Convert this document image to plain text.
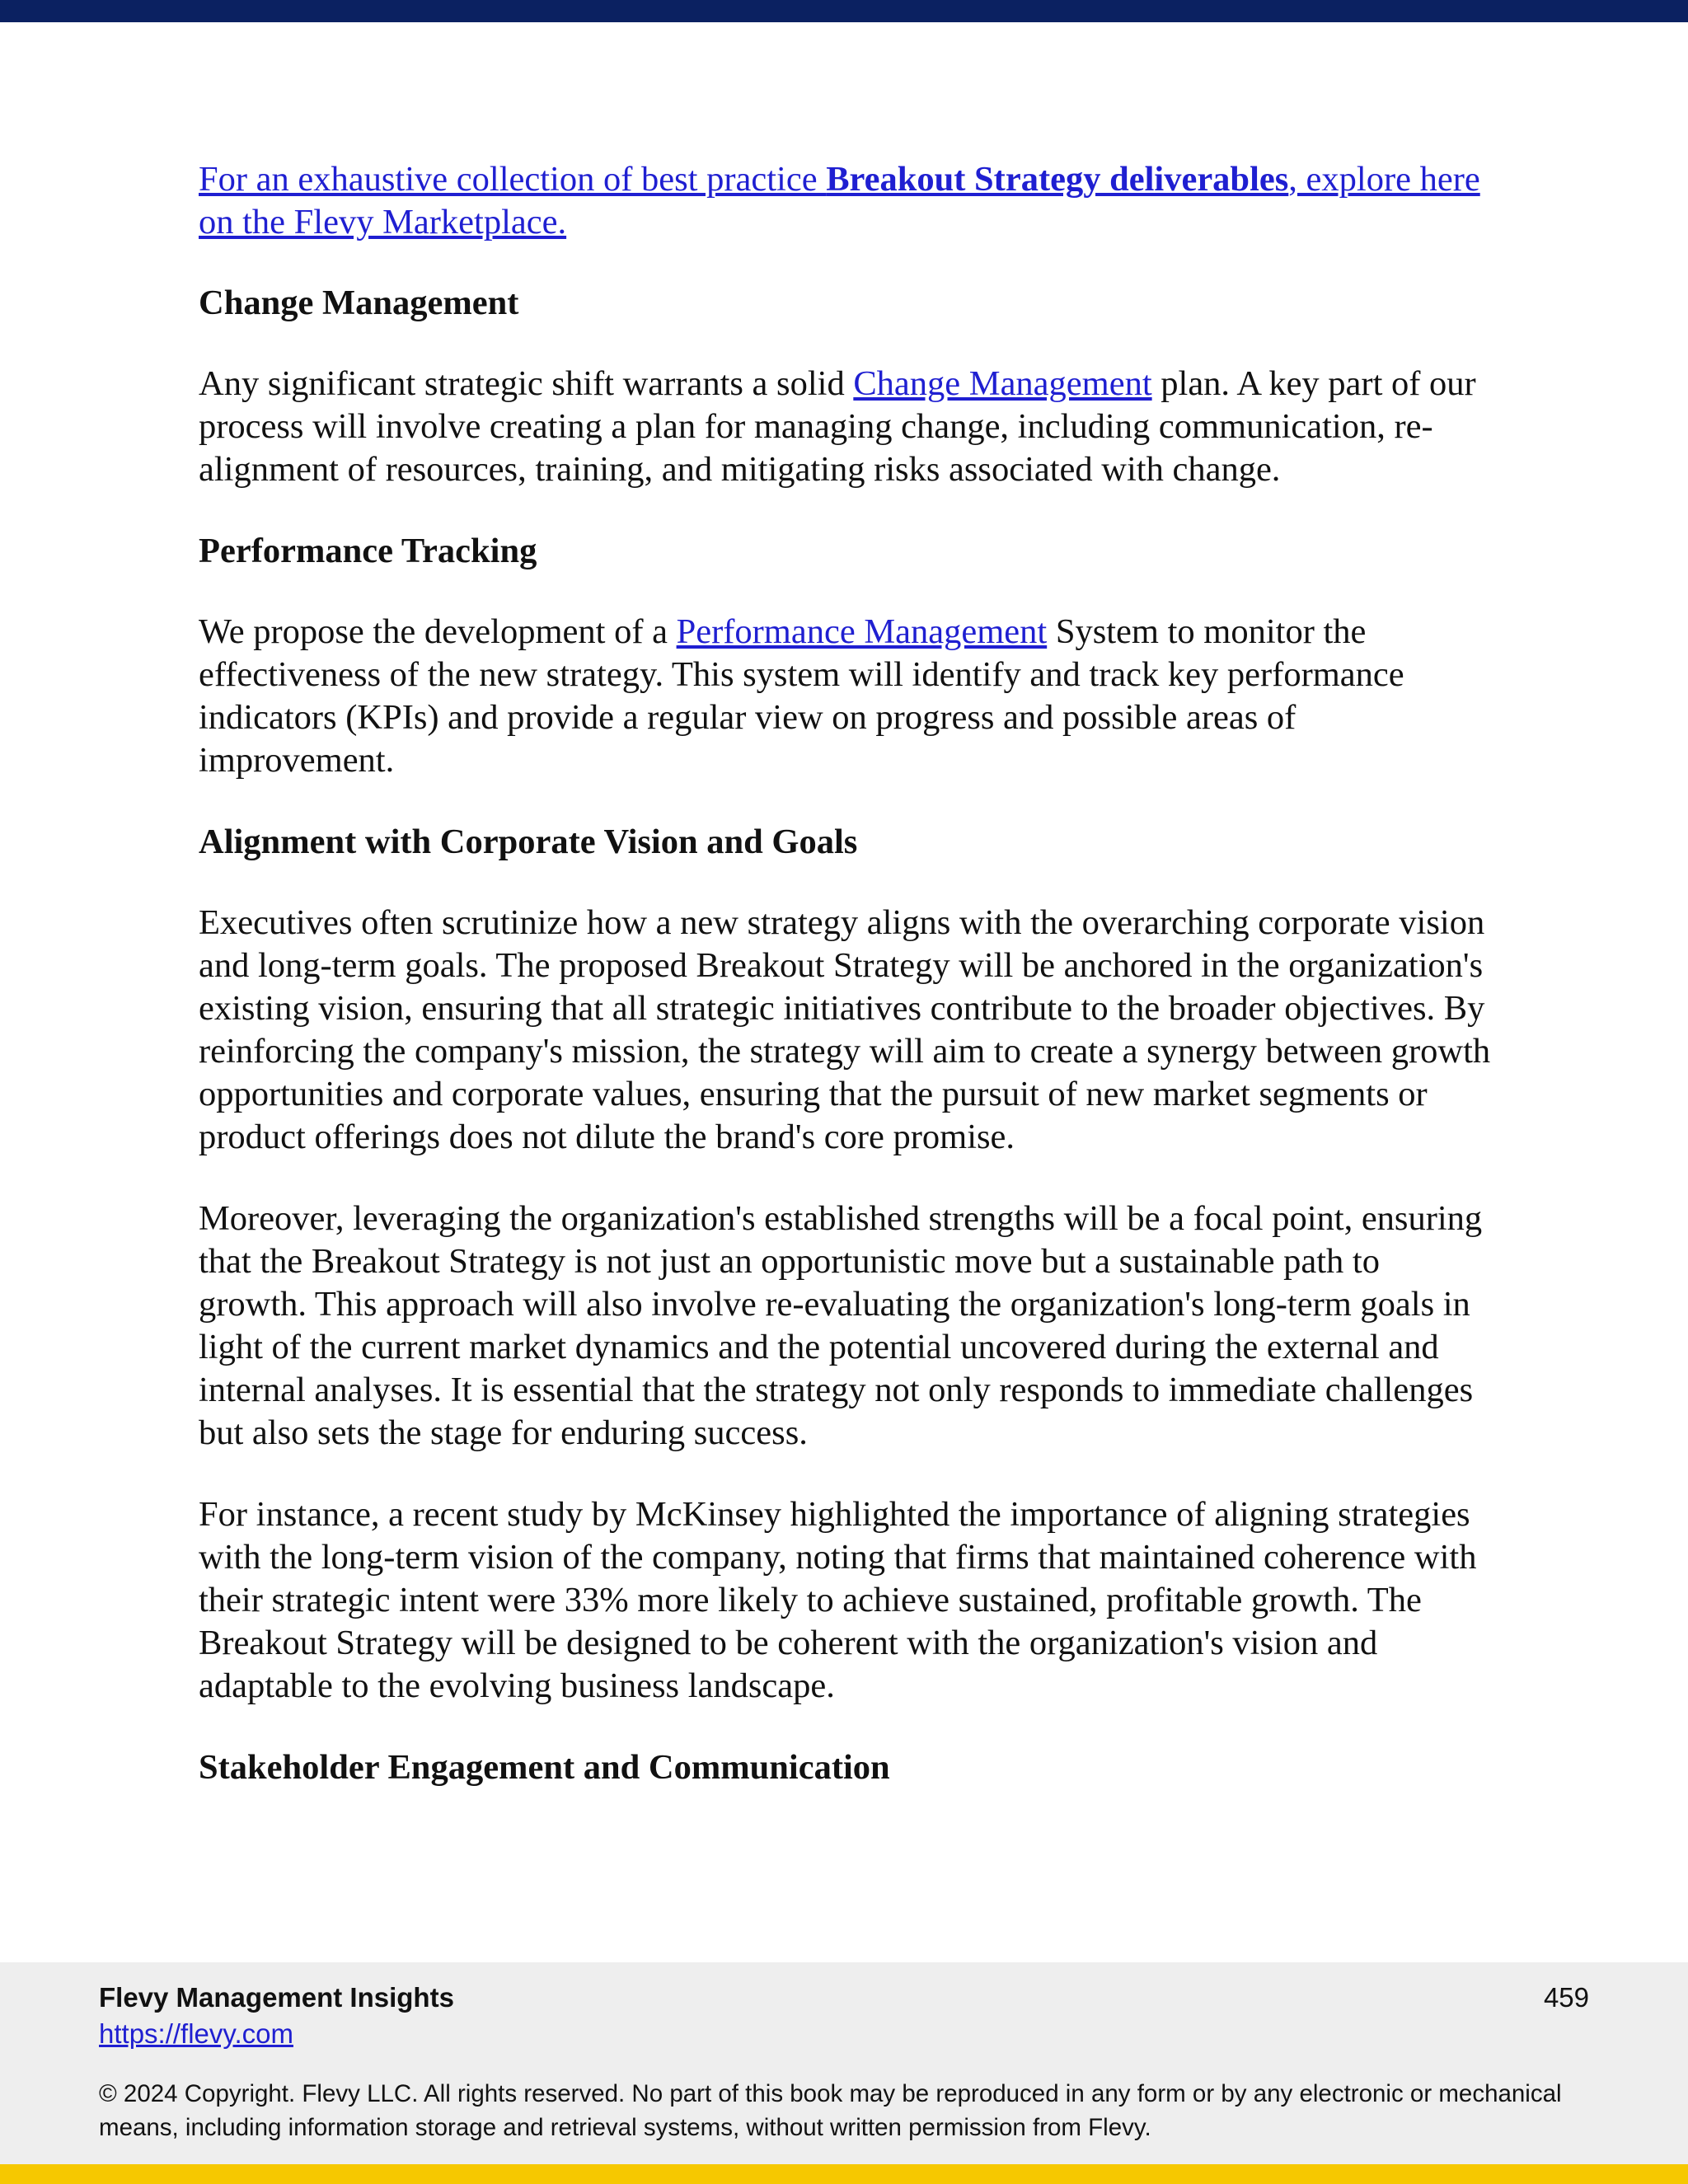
For an exhaustive collection of best practice Breakout Strategy deliverables, explore here on the Flevy Marketplace.

Change Management

Any significant strategic shift warrants a solid Change Management plan. A key part of our process will involve creating a plan for managing change, including communication, re-alignment of resources, training, and mitigating risks associated with change.

Performance Tracking

We propose the development of a Performance Management System to monitor the effectiveness of the new strategy. This system will identify and track key performance indicators (KPIs) and provide a regular view on progress and possible areas of improvement.

Alignment with Corporate Vision and Goals

Executives often scrutinize how a new strategy aligns with the overarching corporate vision and long-term goals. The proposed Breakout Strategy will be anchored in the organization's existing vision, ensuring that all strategic initiatives contribute to the broader objectives. By reinforcing the company's mission, the strategy will aim to create a synergy between growth opportunities and corporate values, ensuring that the pursuit of new market segments or product offerings does not dilute the brand's core promise.

Moreover, leveraging the organization's established strengths will be a focal point, ensuring that the Breakout Strategy is not just an opportunistic move but a sustainable path to growth. This approach will also involve re-evaluating the organization's long-term goals in light of the current market dynamics and the potential uncovered during the external and internal analyses. It is essential that the strategy not only responds to immediate challenges but also sets the stage for enduring success.

For instance, a recent study by McKinsey highlighted the importance of aligning strategies with the long-term vision of the company, noting that firms that maintained coherence with their strategic intent were 33% more likely to achieve sustained, profitable growth. The Breakout Strategy will be designed to be coherent with the organization's vision and adaptable to the evolving business landscape.

Stakeholder Engagement and Communication
Flevy Management Insights
https://flevy.com
459
© 2024 Copyright. Flevy LLC. All rights reserved. No part of this book may be reproduced in any form or by any electronic or mechanical means, including information storage and retrieval systems, without written permission from Flevy.
